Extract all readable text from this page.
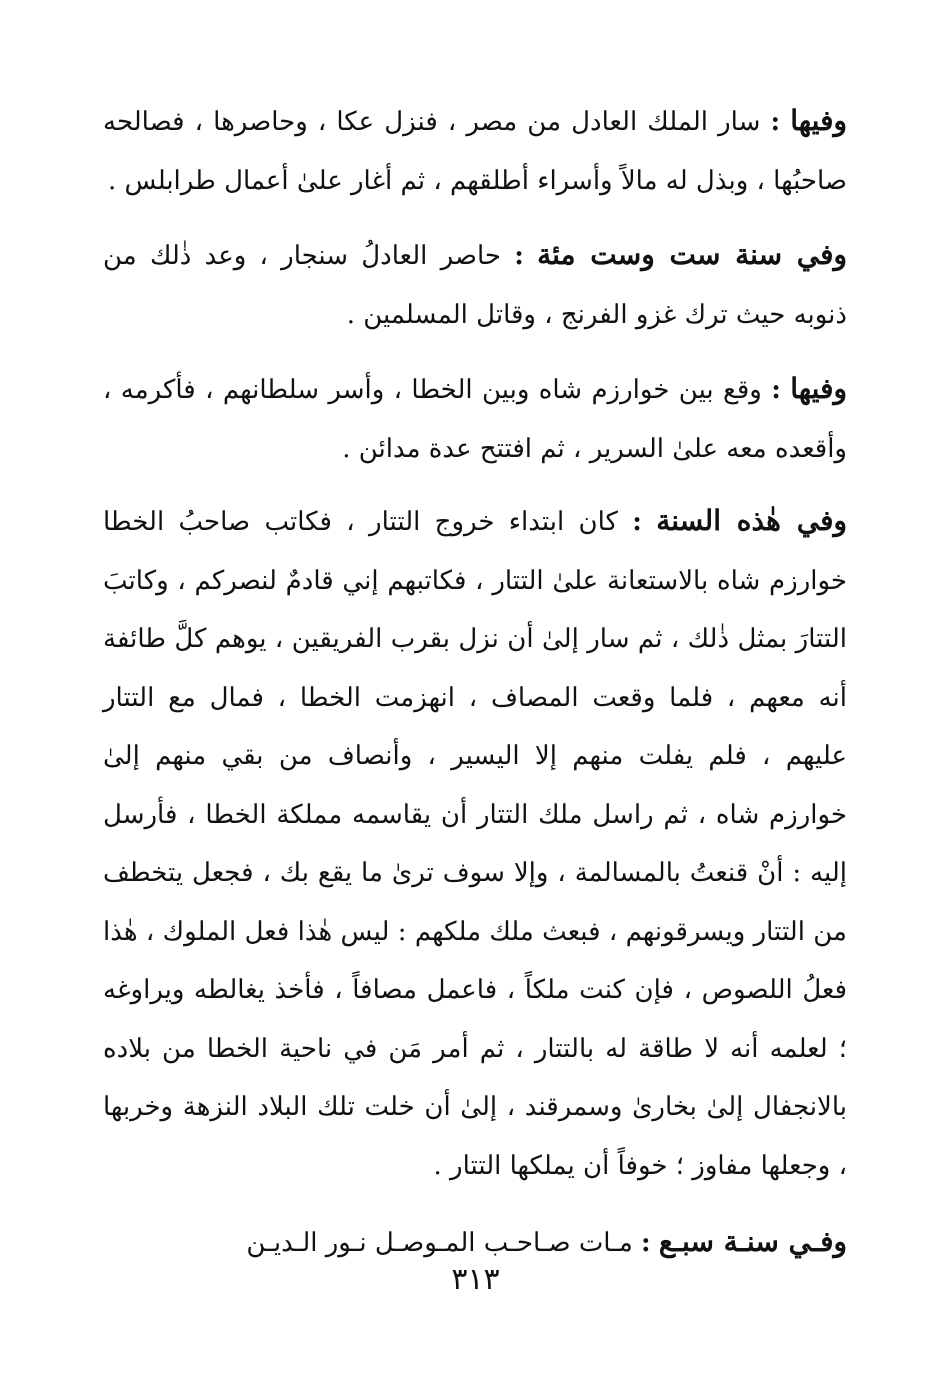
وفيها : سار الملك العادل من مصر ، فنزل عكا ، وحاصرها ، فصالحه صاحبُها ، وبذل له مالاً وأسراء أطلقهم ، ثم أغار علىٰ أعمال طرابلس .

وفي سنة ست وست مئة : حاصر العادلُ سنجار ، وعد ذٰلك من ذنوبه حيث ترك غزو الفرنج ، وقاتل المسلمين .

وفيها : وقع بين خوارزم شاه وبين الخطا ، وأسر سلطانهم ، فأكرمه ، وأقعده معه علىٰ السرير ، ثم افتتح عدة مدائن .

وفي هٰذه السنة : كان ابتداء خروج التتار ، فكاتب صاحبُ الخطا خوارزم شاه بالاستعانة علىٰ التتار ، فكاتبهم إني قادمٌ لنصركم ، وكاتبَ التتارَ بمثل ذٰلك ، ثم سار إلىٰ أن نزل بقرب الفريقين ، يوهم كلَّ طائفة أنه معهم ، فلما وقعت المصاف ، انهزمت الخطا ، فمال مع التتار عليهم ، فلم يفلت منهم إلا اليسير ، وأنصاف من بقي منهم إلىٰ خوارزم شاه ، ثم راسل ملك التتار أن يقاسمه مملكة الخطا ، فأرسل إليه : أنْ قنعتُ بالمسالمة ، وإلا سوف ترىٰ ما يقع بك ، فجعل يتخطف من التتار ويسرقونهم ، فبعث ملك ملكهم : ليس هٰذا فعل الملوك ، هٰذا فعلُ اللصوص ، فإن كنت ملكاً ، فاعمل مصافاً ، فأخذ يغالطه ويراوغه ؛ لعلمه أنه لا طاقة له بالتتار ، ثم أمر مَن في ناحية الخطا من بلاده بالانجفال إلىٰ بخارىٰ وسمرقند ، إلىٰ أن خلت تلك البلاد النزهة وخربها ، وجعلها مفاوز ؛ خوفاً أن يملكها التتار .

وفـي سنـة سبـع : مـات صـاحـب المـوصـل نـور الـديـن

٣١٣
